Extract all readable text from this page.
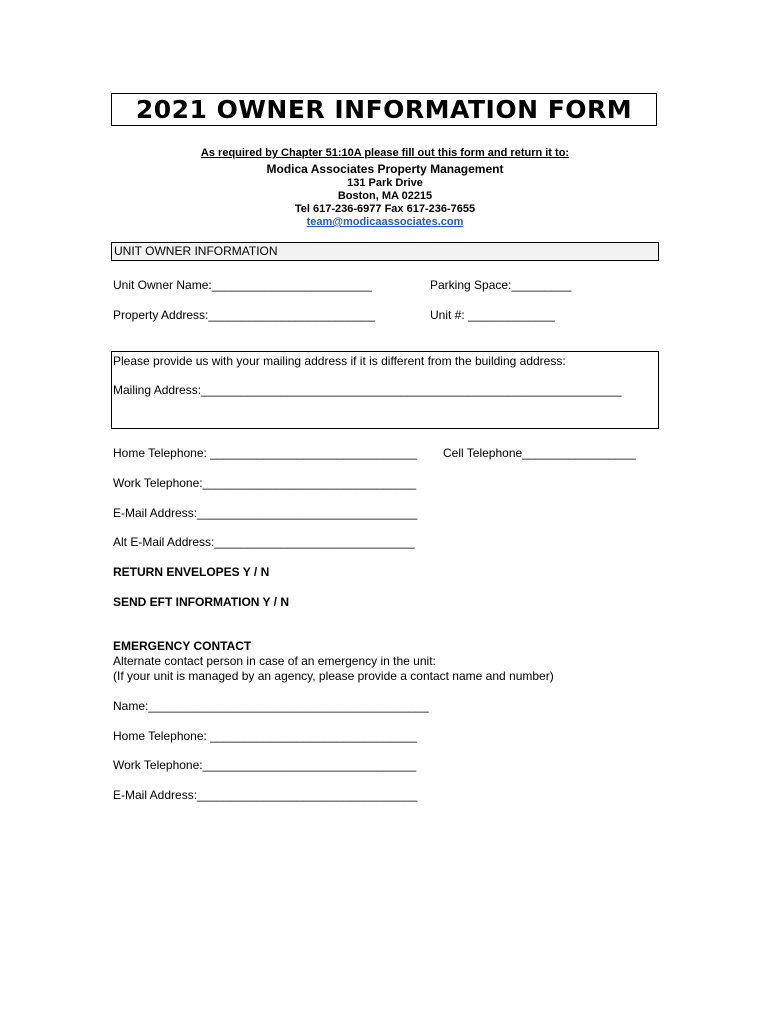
2021 OWNER INFORMATION FORM
As required by Chapter 51:10A please fill out this form and return it to:
Modica Associates Property Management
131 Park Drive
Boston, MA 02215
Tel 617-236-6977 Fax 617-236-7655
team@modicaassociates.com
UNIT OWNER INFORMATION
Unit Owner Name:________________________	Parking Space:_________
Property Address:_________________________	Unit #: _____________
Please provide us with your mailing address if it is different from the building address:
Mailing Address:_______________________________________________________________
Home Telephone: _______________________________ Cell Telephone_________________
Work Telephone:________________________________
E-Mail Address:_________________________________
Alt E-Mail Address:______________________________
RETURN ENVELOPES Y / N
SEND EFT INFORMATION Y / N
EMERGENCY CONTACT
Alternate contact person in case of an emergency in the unit:
(If your unit is managed by an agency, please provide a contact name and number)
Name:__________________________________________
Home Telephone: _______________________________
Work Telephone:________________________________
E-Mail Address:_________________________________
